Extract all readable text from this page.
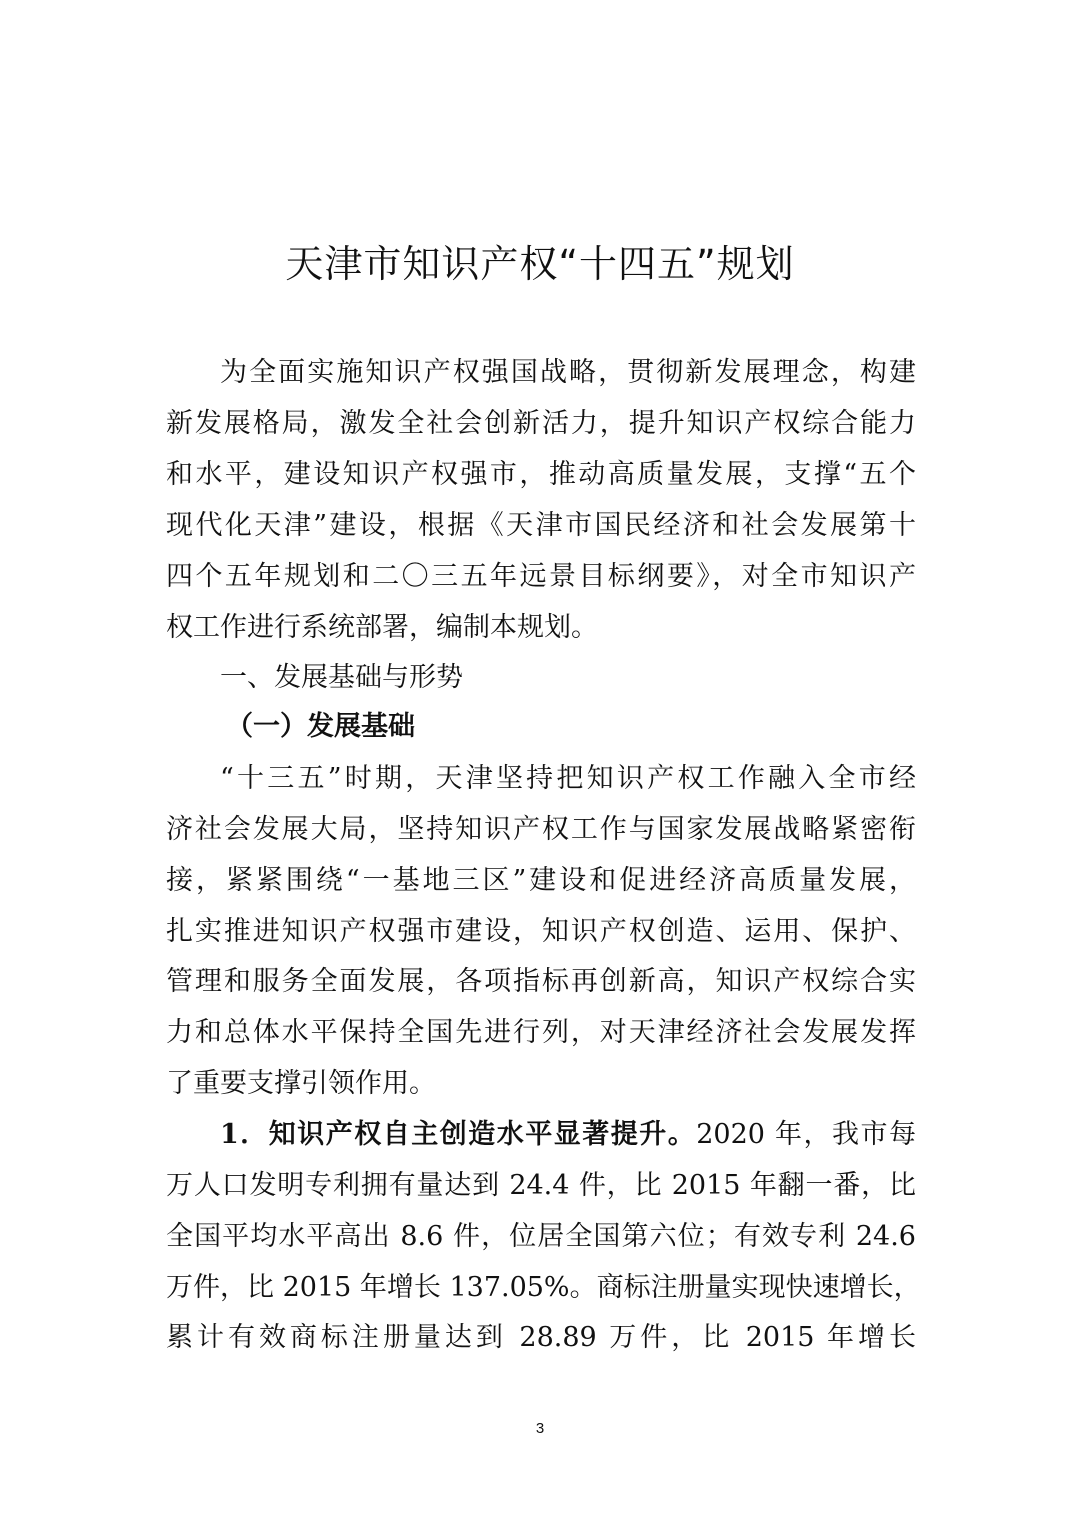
天津市知识产权“十四五”规划
为全面实施知识产权强国战略，贯彻新发展理念，构建
新发展格局，激发全社会创新活力，提升知识产权综合能力
和水平，建设知识产权强市，推动高质量发展，支撑“五个
现代化天津”建设，根据《天津市国民经济和社会发展第十
四个五年规划和二〇三五年远景目标纲要》，对全市知识产
权工作进行系统部署，编制本规划。
一、发展基础与形势
（一）发展基础
“十三五”时期，天津坚持把知识产权工作融入全市经
济社会发展大局，坚持知识产权工作与国家发展战略紧密衔
接，紧紧围绕“一基地三区”建设和促进经济高质量发展，
扎实推进知识产权强市建设，知识产权创造、运用、保护、
管理和服务全面发展，各项指标再创新高，知识产权综合实
力和总体水平保持全国先进行列，对天津经济社会发展发挥
了重要支撑引领作用。
1．知识产权自主创造水平显著提升。2020 年，我市每
万人口发明专利拥有量达到 24.4 件，比 2015 年翻一番，比
全国平均水平高出 8.6 件，位居全国第六位；有效专利 24.6
万件，比 2015 年增长 137.05%。商标注册量实现快速增长，
累计有效商标注册量达到 28.89 万件，比 2015 年增长
3
